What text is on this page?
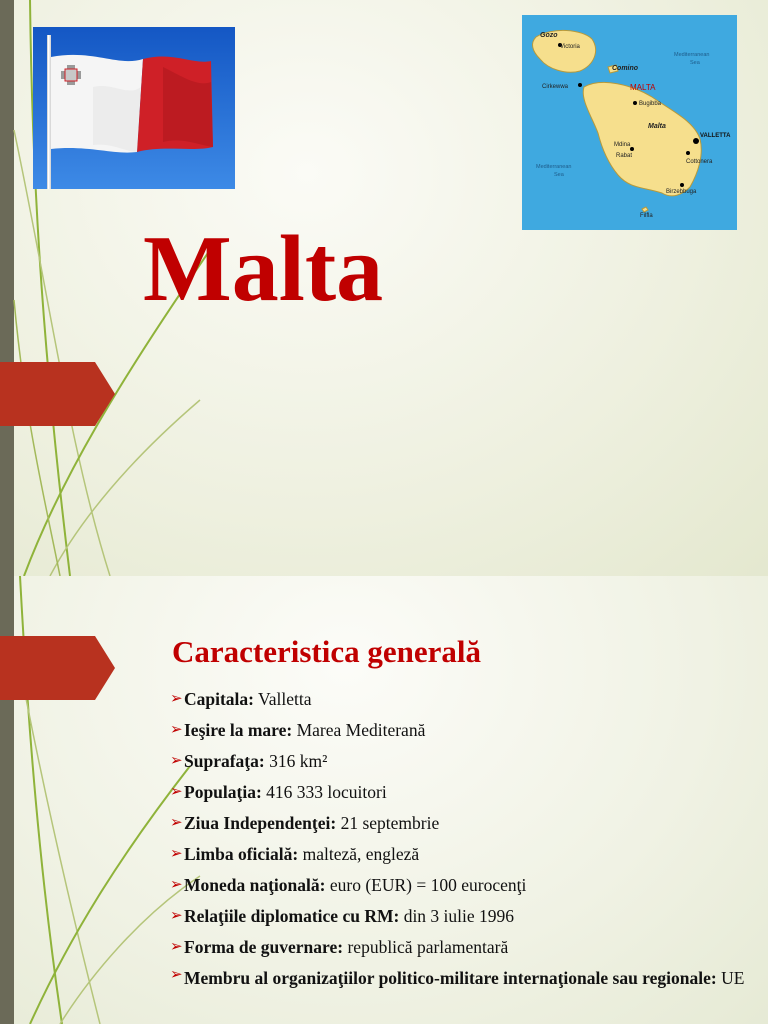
Gozo
Victoria
Comino
Mediterranean
Sea
MALTA
Cirkewwa
Bugibba
Malta
Mdina
Rabat
VALLETTA
Cottonera
Mediterranean
Sea
Birzebbuga
Filfla
Malta
Caracteristica generală
➢ Capitala: Valletta
➢ Ieşire la mare: Marea Mediterană
➢ Suprafaţa: 316 km²
➢ Populaţia: 416 333 locuitori
➢ Ziua Independenţei: 21 septembrie
➢ Limba oficială: malteză, engleză
➢ Moneda naţională: euro (EUR) = 100 eurocenţi
➢ Relaţiile diplomatice cu RM: din 3 iulie 1996
➢ Forma de guvernare: republică parlamentară
➢ Membru al organizaţiilor politico-militare internaţionale sau regionale: UE
